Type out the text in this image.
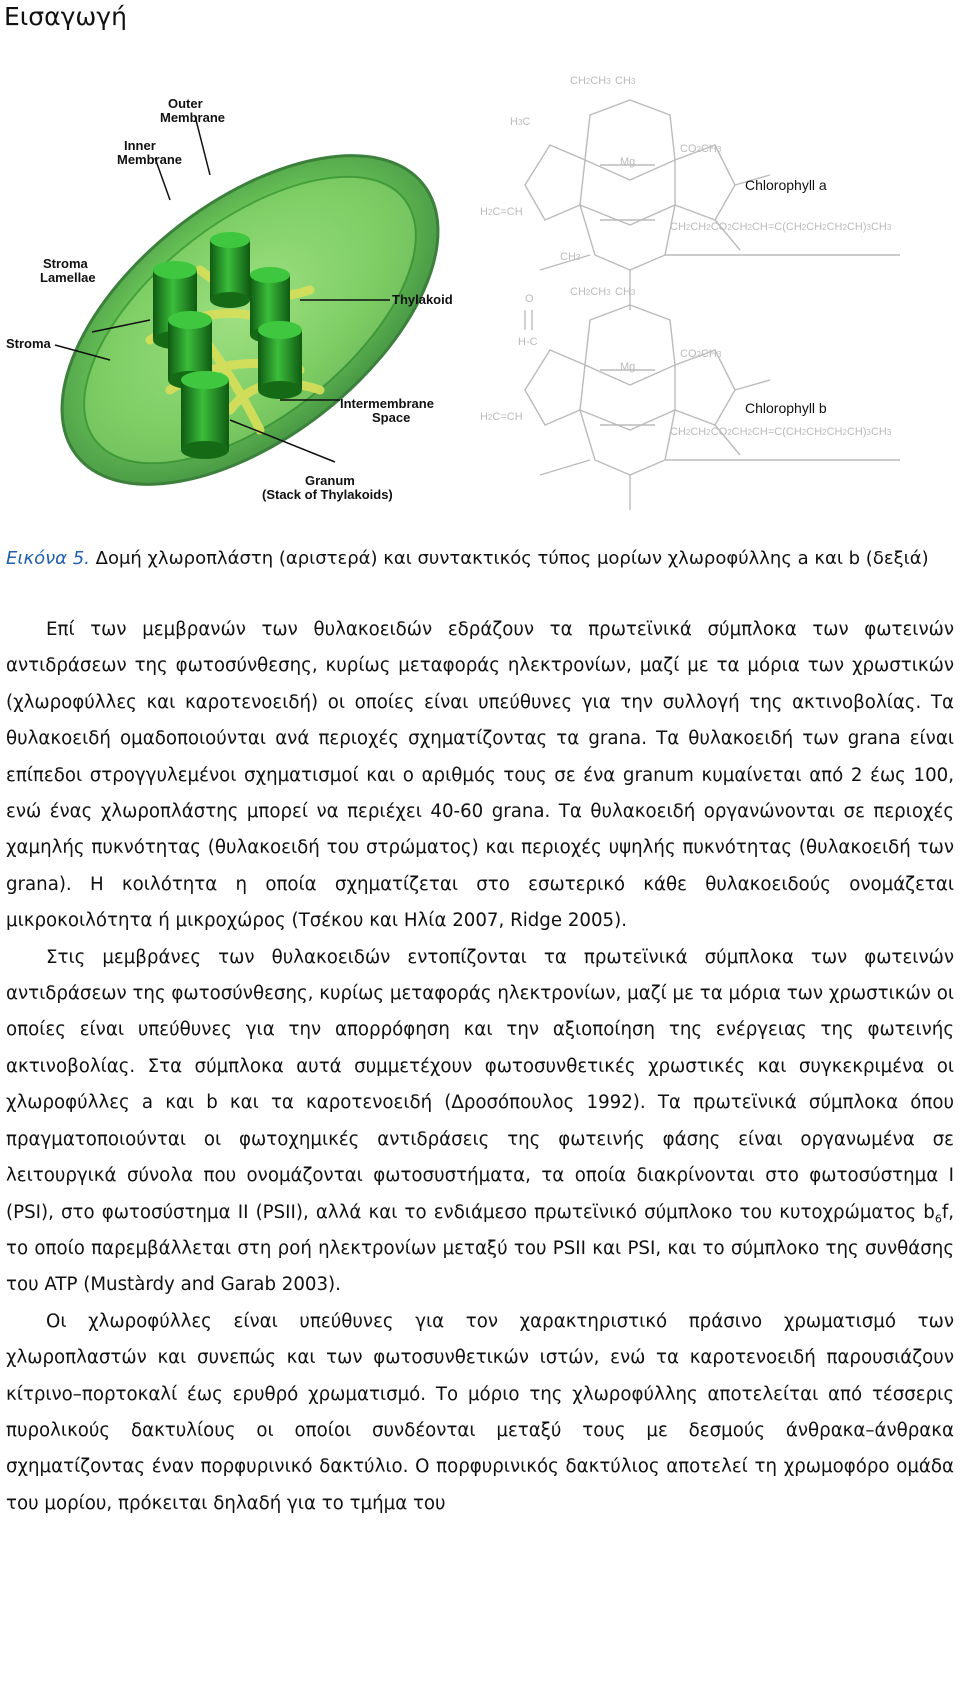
Εισαγωγή
Outer
Membrane
Inner
Membrane
Stroma
Lamellae
Stroma
Thylakoid
Intermembrane
Space
Granum
(Stack of Thylakoids)
CH2CH3 CH3
H3C
Mg
H2C=CH
CO2CH3
CH2CH2CO2CH2CH=C(CH2CH2CH2CH)3CH3
CH3
Chlorophyll a
CH2CH3 CH3
O
H-C
Mg
H2C=CH
CO2CH3
CH2CH2CO2CH2CH=C(CH2CH2CH2CH)3CH3
Chlorophyll b
Εικόνα 5. Δομή χλωροπλάστη (αριστερά) και συντακτικός τύπος μορίων χλωροφύλλης a και b (δεξιά)

Επί των μεμβρανών των θυλακοειδών εδράζουν τα πρωτεϊνικά σύμπλοκα των φωτεινών αντιδράσεων της φωτοσύνθεσης, κυρίως μεταφοράς ηλεκτρονίων, μαζί με τα μόρια των χρωστικών (χλωροφύλλες και καροτενοειδή) οι οποίες είναι υπεύθυνες για την συλλογή της ακτινοβολίας. Τα θυλακοειδή ομαδοποιούνται ανά περιοχές σχηματίζοντας τα grana. Τα θυλακοειδή των grana είναι επίπεδοι στρογγυλεμένοι σχηματισμοί και ο αριθμός τους σε ένα granum κυμαίνεται από 2 έως 100, ενώ ένας χλωροπλάστης μπορεί να περιέχει 40-60 grana. Τα θυλακοειδή οργανώνονται σε περιοχές χαμηλής πυκνότητας (θυλακοειδή του στρώματος) και περιοχές υψηλής πυκνότητας (θυλακοειδή των grana). Η κοιλότητα η οποία σχηματίζεται στο εσωτερικό κάθε θυλακοειδούς ονομάζεται μικροκοιλότητα ή μικροχώρος (Τσέκου και Ηλία 2007, Ridge 2005).

Στις μεμβράνες των θυλακοειδών εντοπίζονται τα πρωτεϊνικά σύμπλοκα των φωτεινών αντιδράσεων της φωτοσύνθεσης, κυρίως μεταφοράς ηλεκτρονίων, μαζί με τα μόρια των χρωστικών οι οποίες είναι υπεύθυνες για την απορρόφηση και την αξιοποίηση της ενέργειας της φωτεινής ακτινοβολίας. Στα σύμπλοκα αυτά συμμετέχουν φωτοσυνθετικές χρωστικές και συγκεκριμένα οι χλωροφύλλες a και b και τα καροτενοειδή (Δροσόπουλος 1992). Τα πρωτεϊνικά σύμπλοκα όπου πραγματοποιούνται οι φωτοχημικές αντιδράσεις της φωτεινής φάσης είναι οργανωμένα σε λειτουργικά σύνολα που ονομάζονται φωτοσυστήματα, τα οποία διακρίνονται στο φωτοσύστημα I (PSI), στο φωτοσύστημα II (PSII), αλλά και το ενδιάμεσο πρωτεϊνικό σύμπλοκο του κυτοχρώματος $b_6f$, το οποίο παρεμβάλλεται στη ροή ηλεκτρονίων μεταξύ του PSII και PSI, και το σύμπλοκο της συνθάσης του ATP (Mustàrdy and Garab 2003).

Οι χλωροφύλλες είναι υπεύθυνες για τον χαρακτηριστικό πράσινο χρωματισμό των χλωροπλαστών και συνεπώς και των φωτοσυνθετικών ιστών, ενώ τα καροτενοειδή παρουσιάζουν κίτρινο–πορτοκαλί έως ερυθρό χρωματισμό. Το μόριο της χλωροφύλλης αποτελείται από τέσσερις πυρολικούς δακτυλίους οι οποίοι συνδέονται μεταξύ τους με δεσμούς άνθρακα–άνθρακα σχηματίζοντας έναν πορφυρινικό δακτύλιο. Ο πορφυρινικός δακτύλιος αποτελεί τη χρωμοφόρο ομάδα του μορίου, πρόκειται δηλαδή για το τμήμα του
